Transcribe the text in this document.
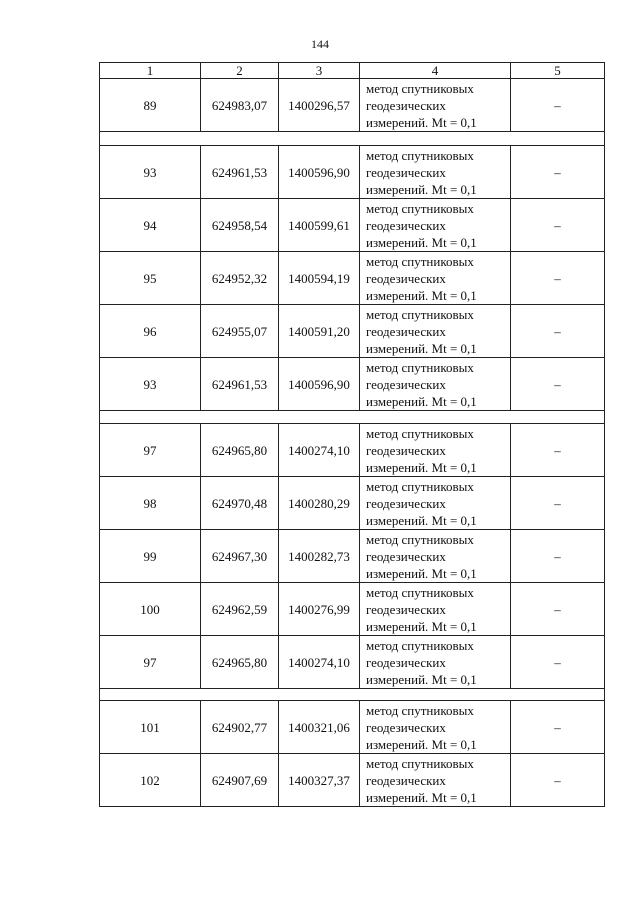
144
1	2	3	4	5
89	624983,07	1400296,57	метод спутниковых
геодезических
измерений. Mt = 0,1	–

93	624961,53	1400596,90	метод спутниковых
геодезических
измерений. Mt = 0,1	–
94	624958,54	1400599,61	метод спутниковых
геодезических
измерений. Mt = 0,1	–
95	624952,32	1400594,19	метод спутниковых
геодезических
измерений. Mt = 0,1	–
96	624955,07	1400591,20	метод спутниковых
геодезических
измерений. Mt = 0,1	–
93	624961,53	1400596,90	метод спутниковых
геодезических
измерений. Mt = 0,1	–

97	624965,80	1400274,10	метод спутниковых
геодезических
измерений. Mt = 0,1	–
98	624970,48	1400280,29	метод спутниковых
геодезических
измерений. Mt = 0,1	–
99	624967,30	1400282,73	метод спутниковых
геодезических
измерений. Mt = 0,1	–
100	624962,59	1400276,99	метод спутниковых
геодезических
измерений. Mt = 0,1	–
97	624965,80	1400274,10	метод спутниковых
геодезических
измерений. Mt = 0,1	–

101	624902,77	1400321,06	метод спутниковых
геодезических
измерений. Mt = 0,1	–
102	624907,69	1400327,37	метод спутниковых
геодезических
измерений. Mt = 0,1	–
